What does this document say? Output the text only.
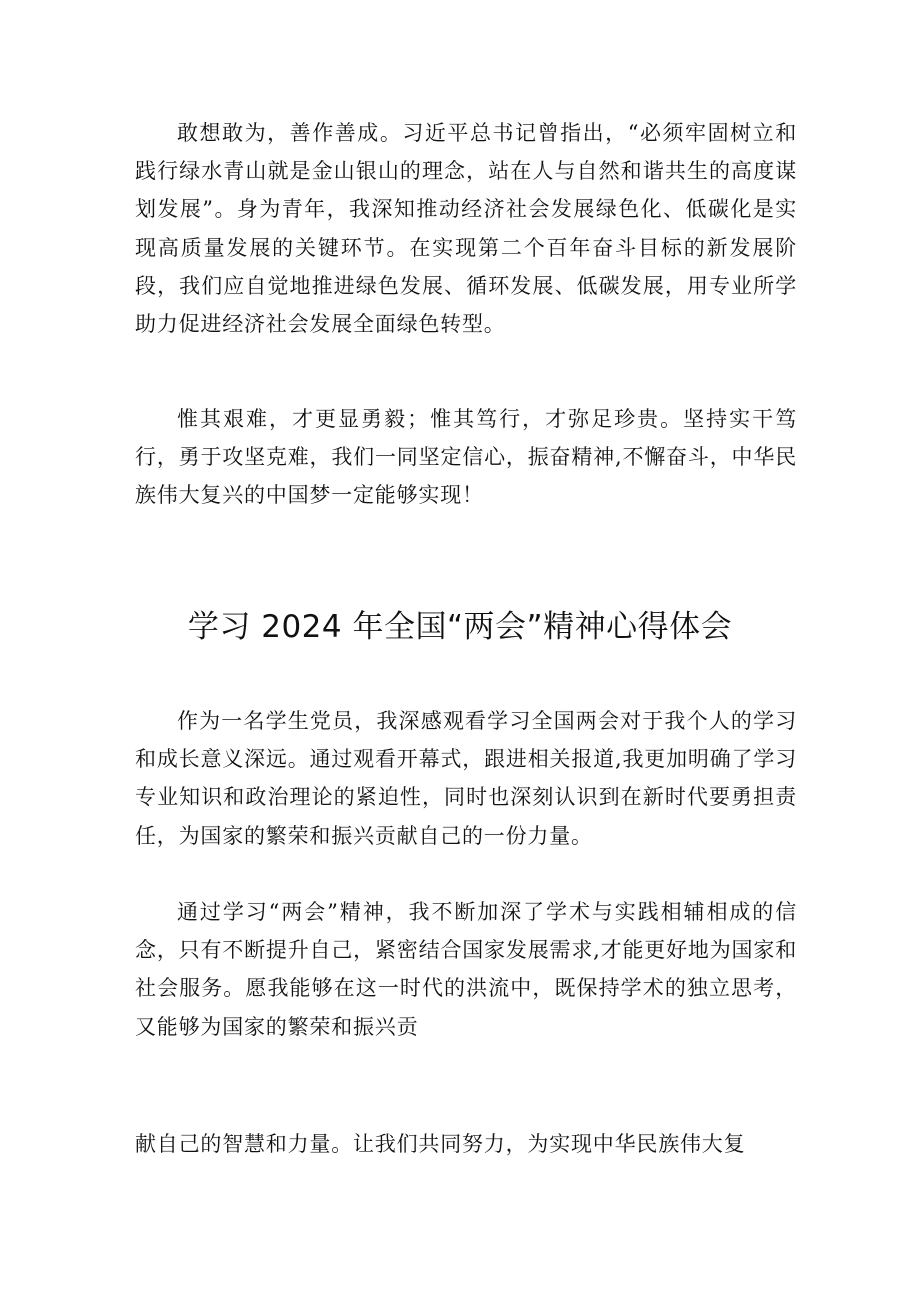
敢想敢为，善作善成。习近平总书记曾指出，“必须牢固树立和践行绿水青山就是金山银山的理念，站在人与自然和谐共生的高度谋划发展”。身为青年，我深知推动经济社会发展绿色化、低碳化是实现高质量发展的关键环节。在实现第二个百年奋斗目标的新发展阶段，我们应自觉地推进绿色发展、循环发展、低碳发展，用专业所学助力促进经济社会发展全面绿色转型。

惟其艰难，才更显勇毅；惟其笃行，才弥足珍贵。坚持实干笃行，勇于攻坚克难，我们一同坚定信心，振奋精神,不懈奋斗，中华民族伟大复兴的中国梦一定能够实现！

学习 2024 年全国“两会”精神心得体会

作为一名学生党员，我深感观看学习全国两会对于我个人的学习和成长意义深远。通过观看开幕式，跟进相关报道,我更加明确了学习专业知识和政治理论的紧迫性，同时也深刻认识到在新时代要勇担责任，为国家的繁荣和振兴贡献自己的一份力量。

通过学习“两会”精神，我不断加深了学术与实践相辅相成的信念，只有不断提升自己，紧密结合国家发展需求,才能更好地为国家和社会服务。愿我能够在这一时代的洪流中，既保持学术的独立思考，又能够为国家的繁荣和振兴贡

献自己的智慧和力量。让我们共同努力，为实现中华民族伟大复
